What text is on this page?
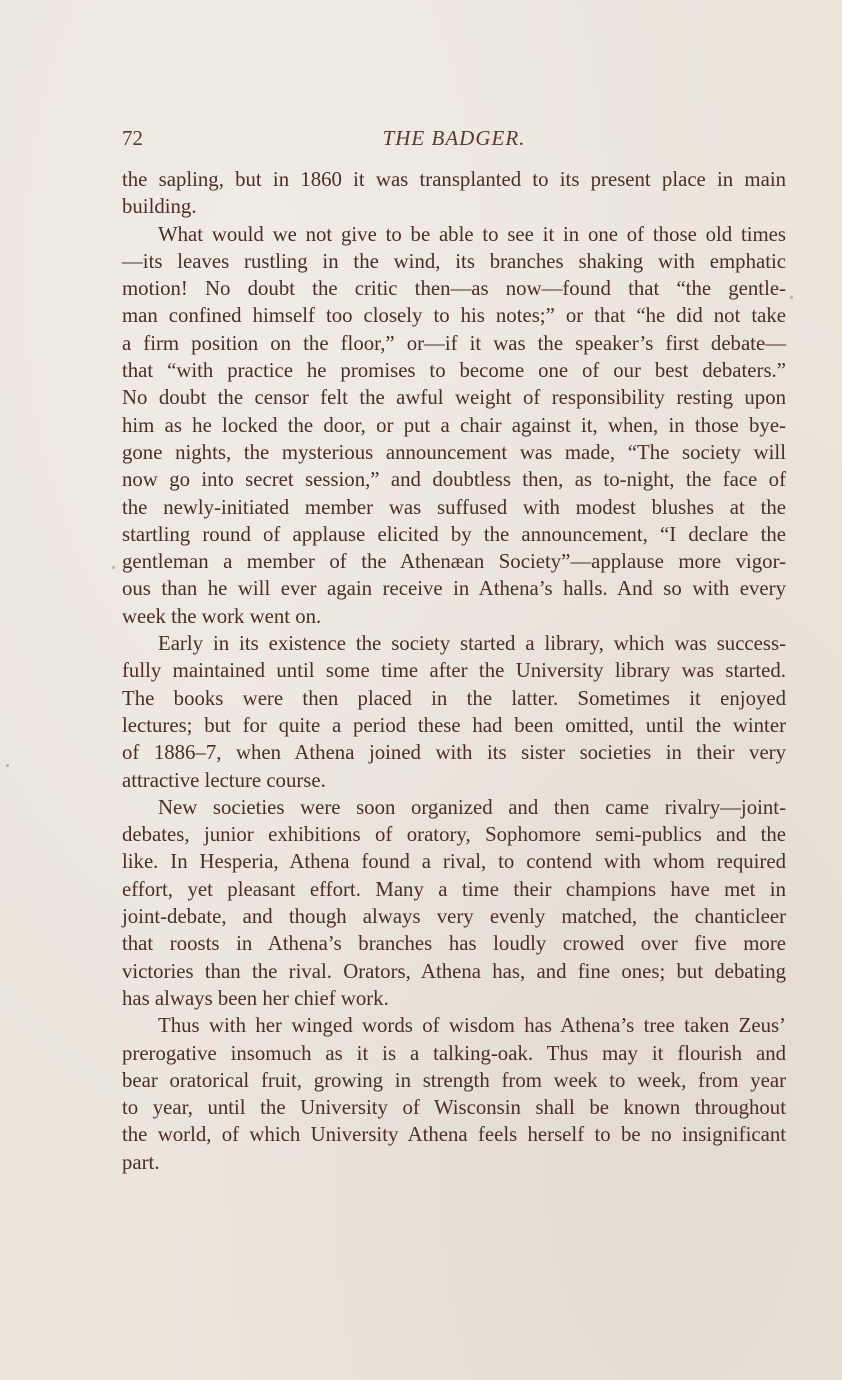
72	THE BADGER.
the sapling, but in 1860 it was transplanted to its present place in main
building.
What would we not give to be able to see it in one of those old times
—its leaves rustling in the wind, its branches shaking with emphatic
motion! No doubt the critic then—as now—found that “the gentle-
man confined himself too closely to his notes;” or that “he did not take
a firm position on the floor,” or—if it was the speaker’s first debate—
that “with practice he promises to become one of our best debaters.”
No doubt the censor felt the awful weight of responsibility resting upon
him as he locked the door, or put a chair against it, when, in those bye-
gone nights, the mysterious announcement was made, “The society will
now go into secret session,” and doubtless then, as to-night, the face of
the newly-initiated member was suffused with modest blushes at the
startling round of applause elicited by the announcement, “I declare the
gentleman a member of the Athenæan Society”—applause more vigor-
ous than he will ever again receive in Athena’s halls. And so with every
week the work went on.
Early in its existence the society started a library, which was success-
fully maintained until some time after the University library was started.
The books were then placed in the latter. Sometimes it enjoyed
lectures; but for quite a period these had been omitted, until the winter
of 1886–7, when Athena joined with its sister societies in their very
attractive lecture course.
New societies were soon organized and then came rivalry—joint-
debates, junior exhibitions of oratory, Sophomore semi-publics and the
like. In Hesperia, Athena found a rival, to contend with whom required
effort, yet pleasant effort. Many a time their champions have met in
joint-debate, and though always very evenly matched, the chanticleer
that roosts in Athena’s branches has loudly crowed over five more
victories than the rival. Orators, Athena has, and fine ones; but debating
has always been her chief work.
Thus with her winged words of wisdom has Athena’s tree taken Zeus’
prerogative insomuch as it is a talking-oak. Thus may it flourish and
bear oratorical fruit, growing in strength from week to week, from year
to year, until the University of Wisconsin shall be known throughout
the world, of which University Athena feels herself to be no insignificant
part.
